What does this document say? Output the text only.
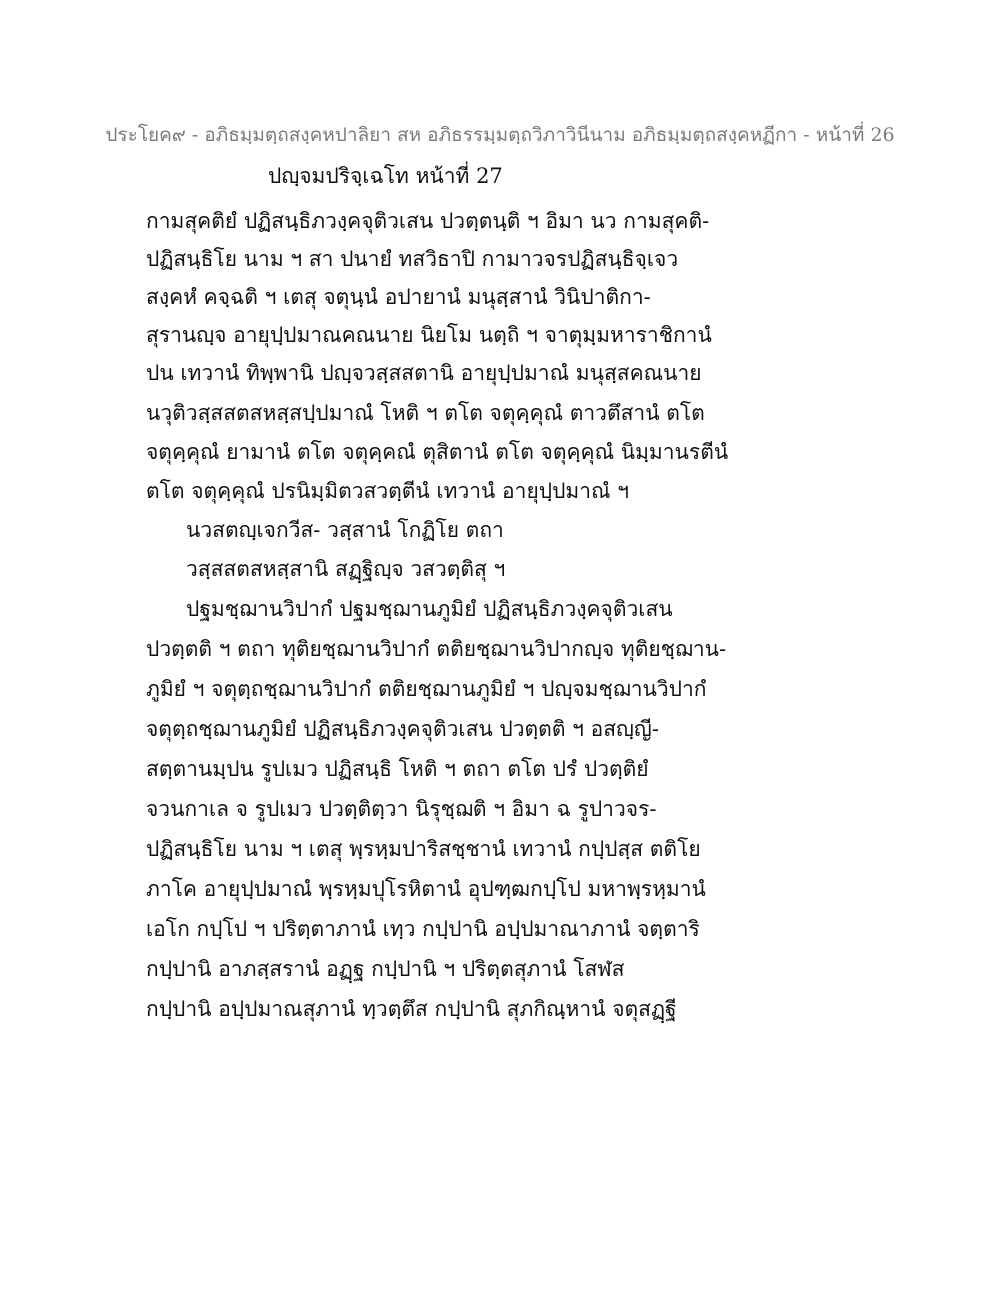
ประโยค๙ - อภิธมฺมตฺถสงฺคหปาลิยา สห อภิธรรมฺมตฺถวิภาวินีนาม อภิธมฺมตฺถสงฺคหฏีกา - หน้าที่ 26
ปญฺจมปริจฺเฉโท หน้าที่ 27
กามสุคติยํ ปฏิสนฺธิภวงฺคจุติวเสน ปวตฺตนฺติ ฯ อิมา นว กามสุคติ-
ปฏิสนฺธิโย นาม ฯ สา ปนายํ ทสวิธาปิ กามาวจรปฏิสนฺธิจฺเจว
สงฺคหํ คจฺฉติ ฯ เตสุ จตุนฺนํ อปายานํ มนุสฺสานํ วินิปาติกา-
สุรานญฺจ อายุปฺปมาณคณนาย นิยโม นตฺถิ ฯ จาตุมฺมหาราชิกานํ
ปน เทวานํ ทิพฺพานิ ปญฺจวสฺสสตานิ อายุปฺปมาณํ มนุสฺสคณนาย
นวุติวสฺสสตสหสฺสปฺปมาณํ โหติ ฯ ตโต จตุคฺคุณํ ตาวตึสานํ ตโต
จตุคฺคุณํ ยามานํ ตโต จตุคฺคณํ ตุสิตานํ ตโต จตุคฺคุณํ นิมฺมานรตีนํ
ตโต จตุคฺคุณํ ปรนิมฺมิตวสวตฺตีนํ เทวานํ อายุปฺปมาณํ ฯ
นวสตญฺเจกวีส- วสฺสานํ โกฏิโย ตถา
วสฺสสตสหสฺสานิ สฏฺฐิญฺจ วสวตฺติสุ ฯ
ปฐมชฺฌานวิปากํ ปฐมชฺฌานภูมิยํ ปฏิสนฺธิภวงฺคจุติวเสน
ปวตฺตติ ฯ ตถา ทุติยชฺฌานวิปากํ ตติยชฺฌานวิปากญฺจ ทุติยชฺฌาน-
ภูมิยํ ฯ จตุตฺถชฺฌานวิปากํ ตติยชฺฌานภูมิยํ ฯ ปญฺจมชฺฌานวิปากํ
จตุตฺถชฺฌานภูมิยํ ปฏิสนฺธิภวงฺคจุติวเสน ปวตฺตติ ฯ อสญฺญี-
สตฺตานมฺปน รูปเมว ปฏิสนฺธิ โหติ ฯ ตถา ตโต ปรํ ปวตฺติยํ
จวนกาเล จ รูปเมว ปวตฺติตฺวา นิรุชฺฌติ ฯ อิมา ฉ รูปาวจร-
ปฏิสนฺธิโย นาม ฯ เตสุ พฺรหฺมปาริสชฺชานํ เทวานํ กปฺปสฺส ตติโย
ภาโค อายุปฺปมาณํ พฺรหฺมปุโรหิตานํ อุปฑฺฒกปฺโป มหาพฺรหฺมานํ
เอโก กปฺโป ฯ ปริตฺตาภานํ เทฺว กปฺปานิ อปฺปมาณาภานํ จตฺตาริ
กปฺปานิ อาภสฺสรานํ อฏฺฐ กปฺปานิ ฯ ปริตฺตสุภานํ โสฬส
กปฺปานิ อปฺปมาณสุภานํ ทฺวตฺตึส กปฺปานิ สุภกิณฺหานํ จตุสฏฺฐี
